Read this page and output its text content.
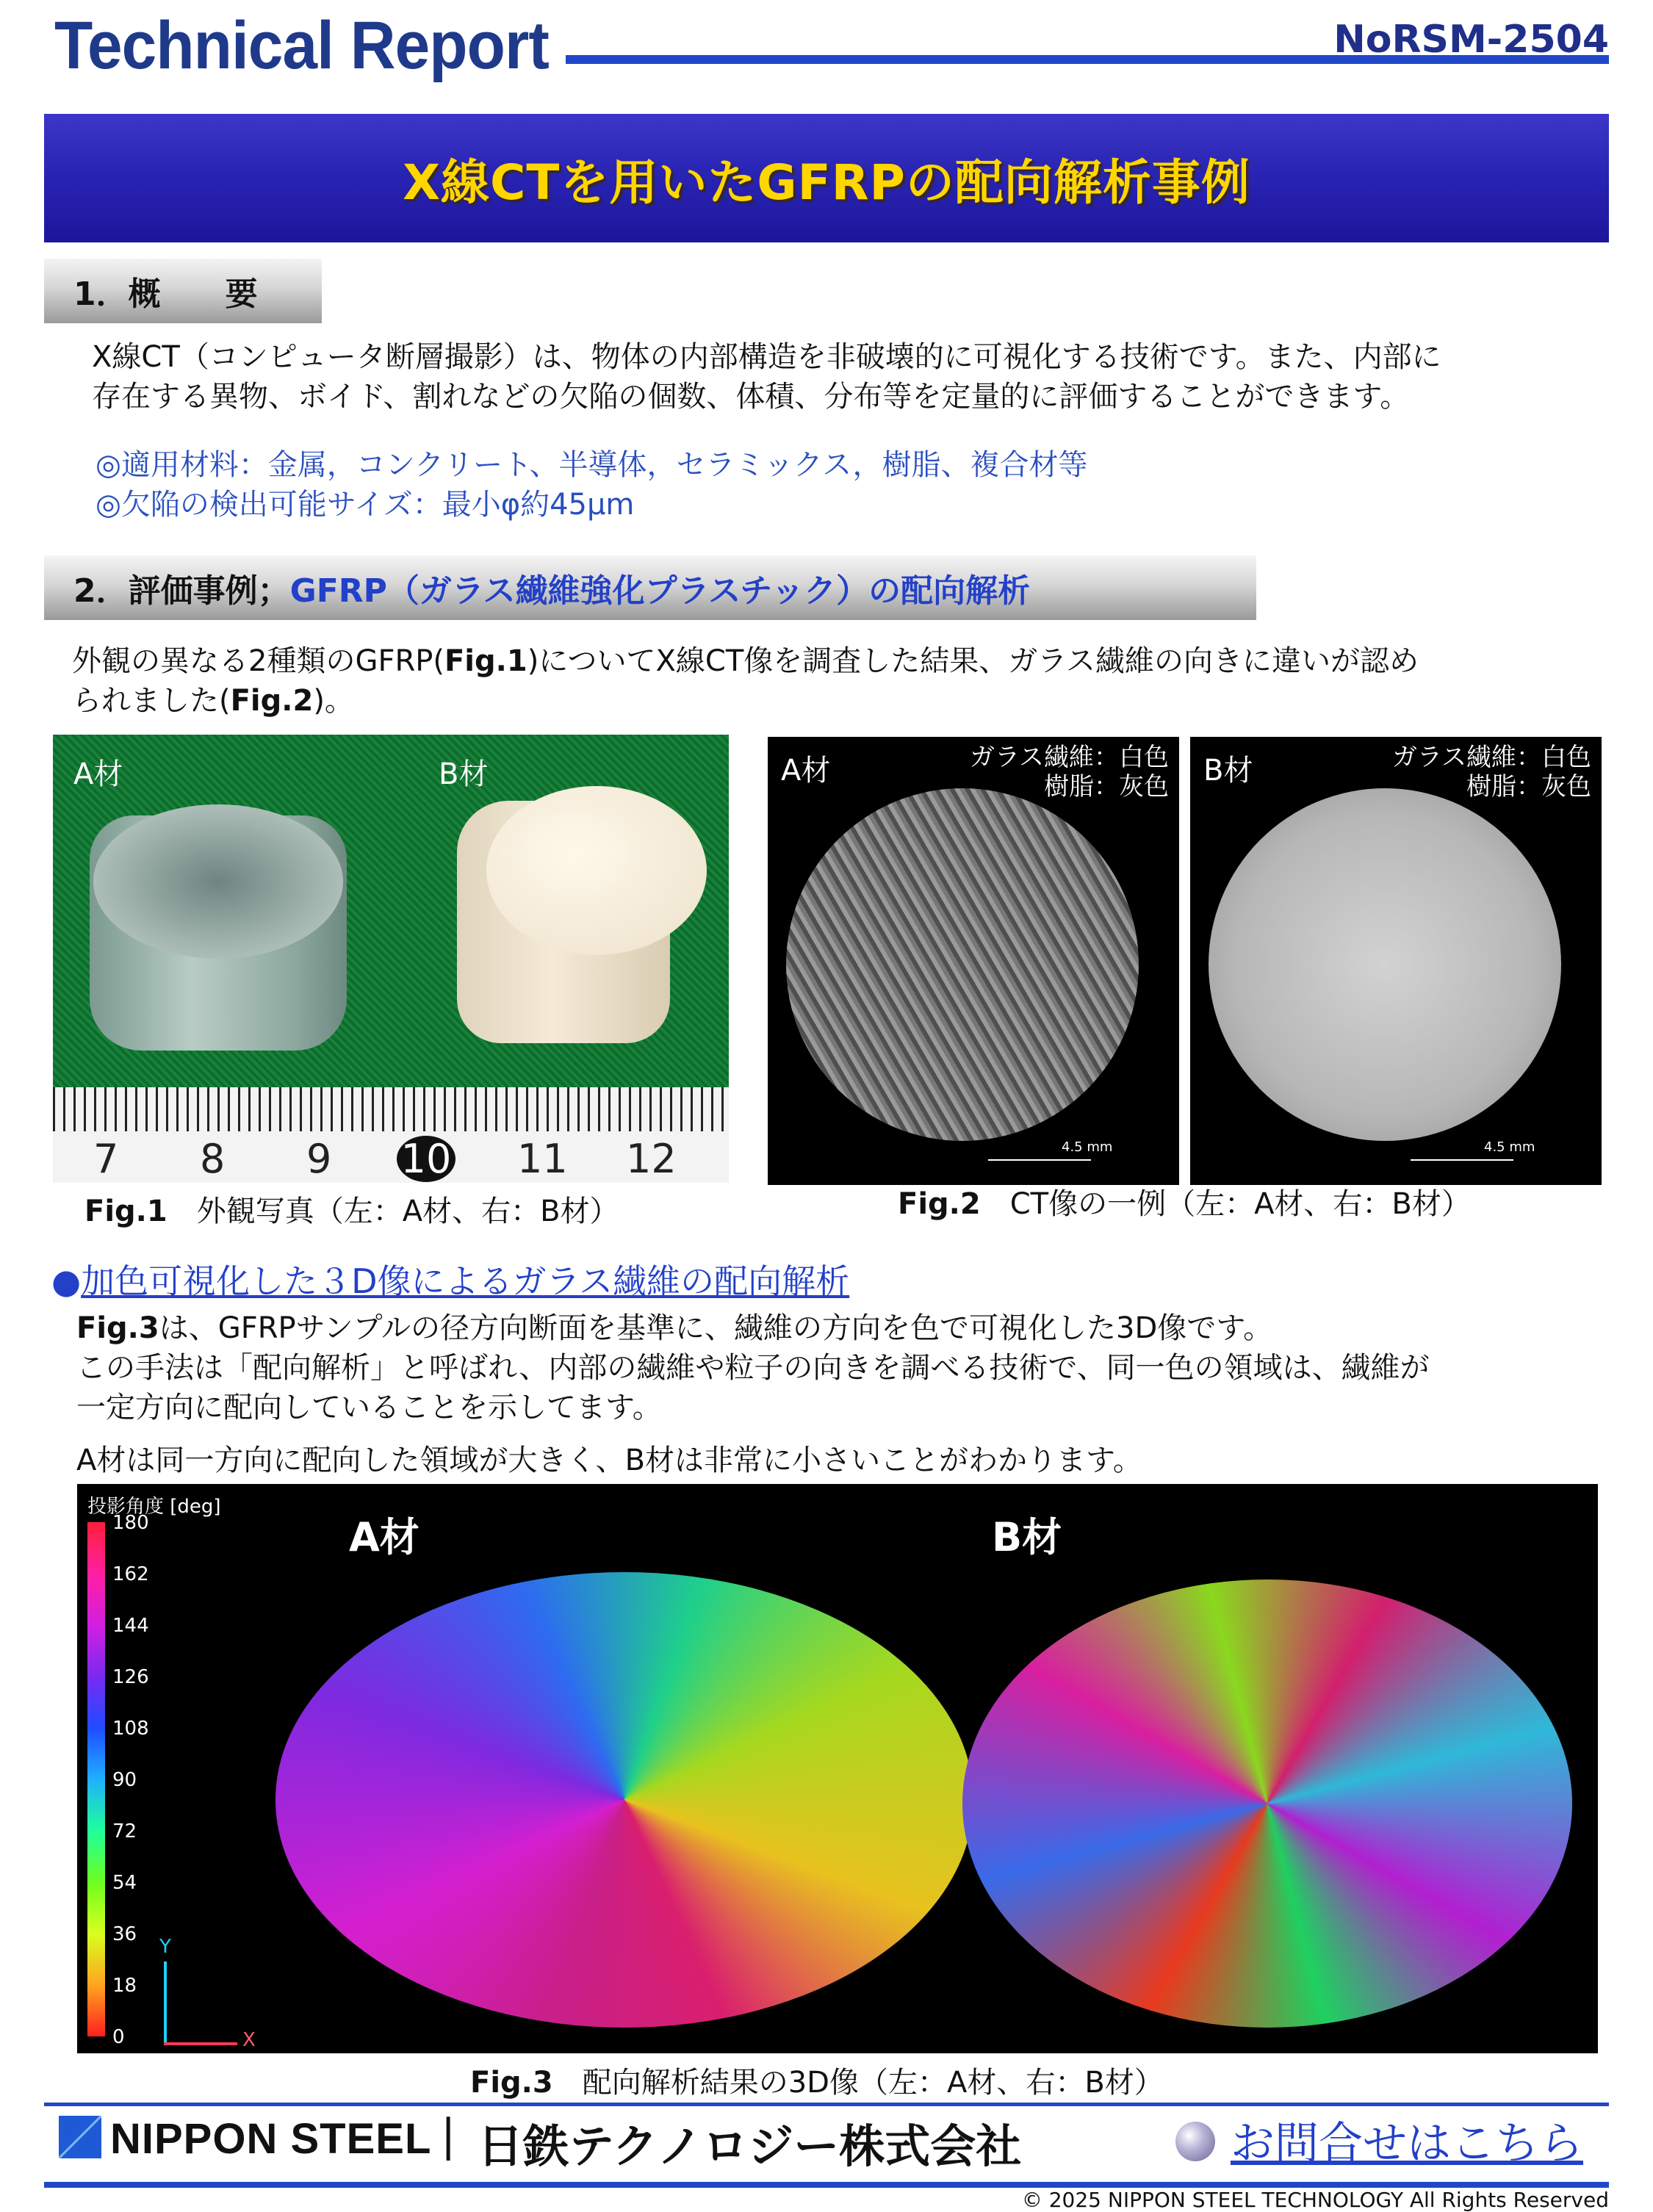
Technical Report	NoRSM-2504
X線CTを用いたGFRPの配向解析事例
1．概　　要
X線CT（コンピュータ断層撮影）は、物体の内部構造を非破壊的に可視化する技術です。また、内部に
存在する異物、ボイド、割れなどの欠陥の個数、体積、分布等を定量的に評価することができます。
◎適用材料：金属，コンクリート、半導体，セラミックス，樹脂、複合材等
◎欠陥の検出可能サイズ：最小φ約45μm
2．評価事例； GFRP（ガラス繊維強化プラスチック）の配向解析
外観の異なる2種類のGFRP(Fig.1)についてX線CT像を調査した結果、ガラス繊維の向きに違いが認め
られました(Fig.2)。
A材	B材
7 8 9 10 11 12
Fig.1　外観写真（左：A材、右：B材）
A材	ガラス繊維：白色
樹脂：灰色
4.5 mm
B材	ガラス繊維：白色
樹脂：灰色
4.5 mm
Fig.2　CT像の一例（左：A材、右：B材）
●加色可視化した３D像によるガラス繊維の配向解析
Fig.3は、GFRPサンプルの径方向断面を基準に、繊維の方向を色で可視化した3D像です。
この手法は「配向解析」と呼ばれ、内部の繊維や粒子の向きを調べる技術で、同一色の領域は、繊維が
一定方向に配向していることを示してます。
A材は同一方向に配向した領域が大きく、B材は非常に小さいことがわかります。
投影角度 [deg]
180
162
144
126
108
90
72
54
36
18
0
A材	B材
Y
X
Fig.3　配向解析結果の3D像（左：A材、右：B材）
NIPPON STEEL | 日鉄テクノロジー株式会社	お問合せはこちら
© 2025 NIPPON STEEL TECHNOLOGY All Rights Reserved
